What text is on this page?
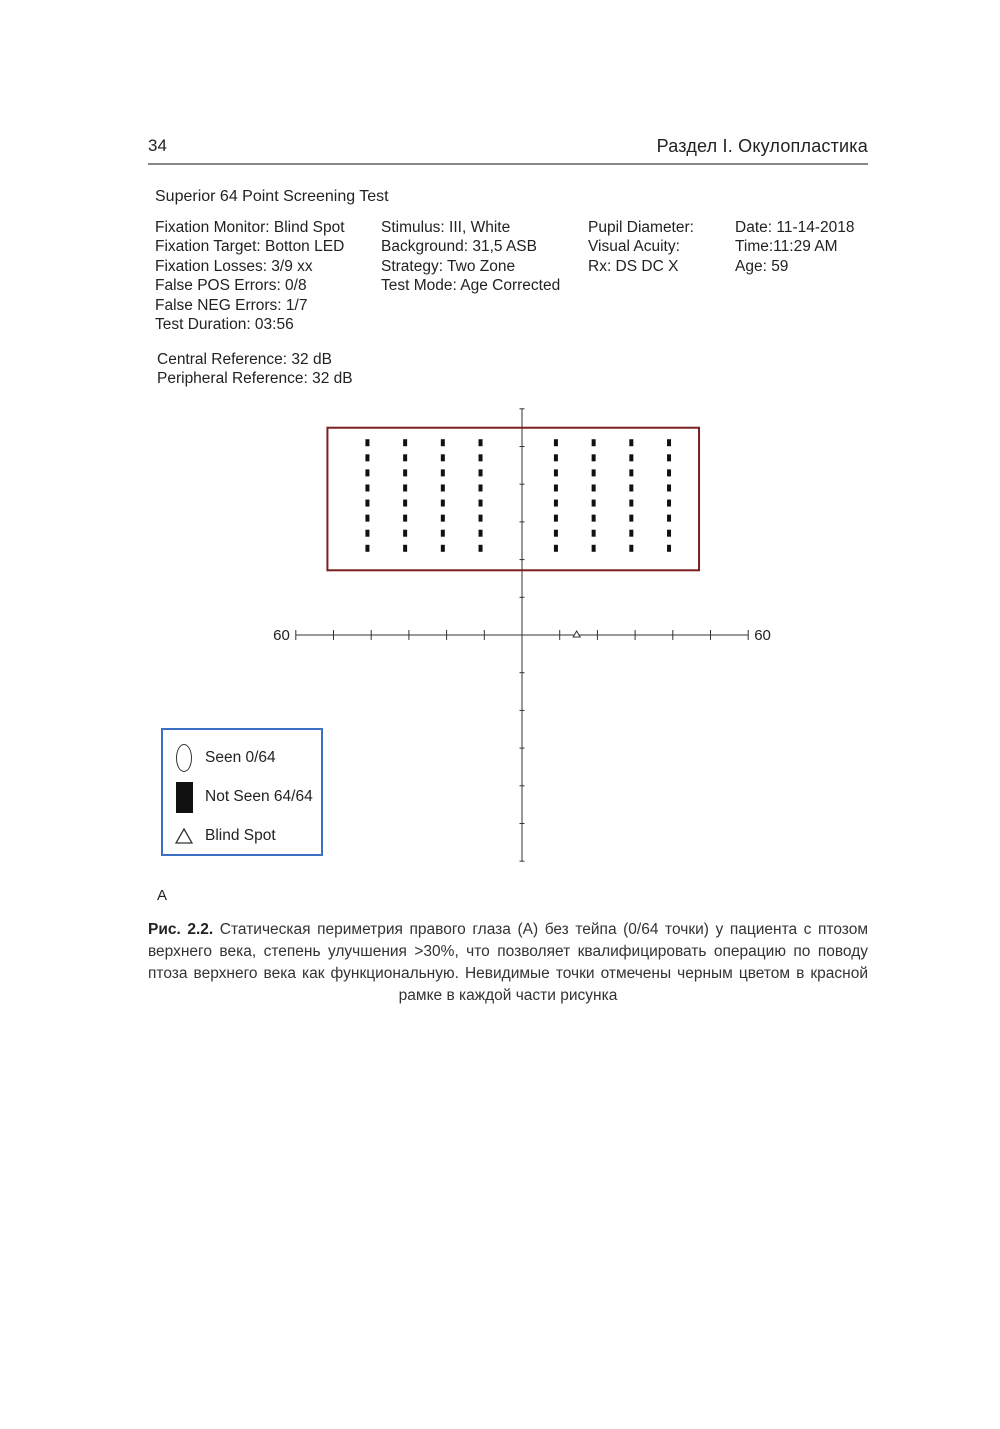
34	Раздел I. Окулопластика
Superior 64 Point Screening Test
Fixation Monitor: Blind Spot
Fixation Target: Botton LED
Fixation Losses: 3/9 xx
False POS Errors: 0/8
False NEG Errors: 1/7
Test Duration: 03:56
Stimulus: III, White
Background: 31,5 ASB
Strategy: Two Zone
Test Mode: Age Corrected
Pupil Diameter:
Visual Acuity:
Rx: DS DC X
Date: 11-14-2018
Time:11:29 AM
Age: 59
Central Reference: 32 dB
Peripheral Reference: 32 dB
60	60
Seen 0/64
Not Seen 64/64
Blind Spot
A
Рис. 2.2. Статическая периметрия правого глаза (А) без тейпа (0/64 точки) у пациента с птозом верхнего века, степень улучшения >30%, что позволяет квалифицировать операцию по поводу птоза верхнего века как функциональную. Невидимые точки отмечены черным цветом в красной рамке в каждой части рисунка
